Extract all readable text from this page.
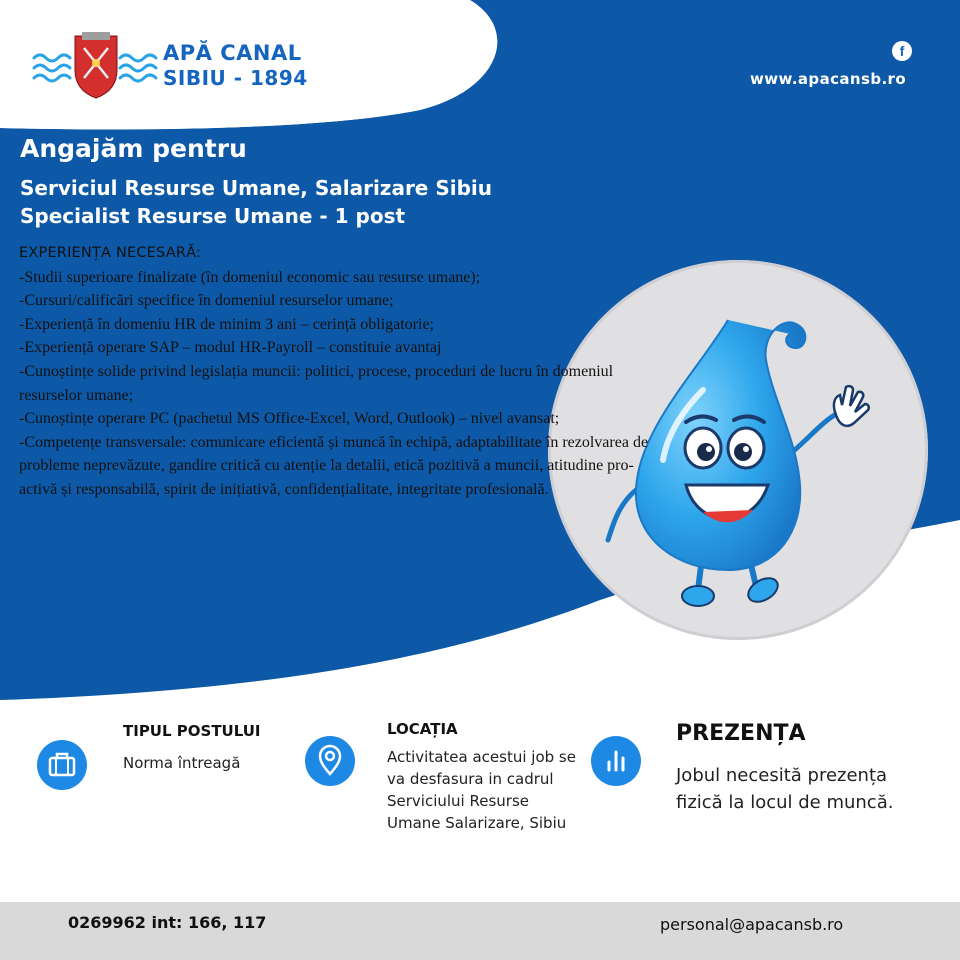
APĂ CANAL
SIBIU - 1894
f
www.apacansb.ro
Angajăm pentru
Serviciul Resurse Umane, Salarizare Sibiu
Specialist Resurse Umane - 1 post
EXPERIENȚA NECESARĂ:

-Studii superioare finalizate (în domeniul economic sau resurse umane);

-Cursuri/calificări specifice în domeniul resurselor umane;

-Experiență în domeniu HR de minim 3 ani – cerință obligatorie;

-Experiență operare SAP – modul HR-Payroll – constituie avantaj

-Cunoștințe solide privind legislația muncii: politici, procese, proceduri de lucru în domeniul resurselor umane;

-Cunoștințe operare PC (pachetul MS Office-Excel, Word, Outlook) – nivel avansat;

-Competențe transversale: comunicare eficientă și muncă în echipă, adaptabilitate în rezolvarea de probleme neprevăzute, gandire critică cu atenție la detalii, etică pozitivă a muncii, atitudine pro-activă și responsabilă, spirit de inițiativă, confidențialitate, integritate profesională.

TIPUL POSTULUI
Norma întreagă
LOCAȚIA
Activitatea acestui job se va desfasura in cadrul Serviciului Resurse Umane Salarizare, Sibiu
PREZENȚA
Jobul necesită prezența fizică la locul de muncă.
0269962 int: 166, 117	personal@apacansb.ro
